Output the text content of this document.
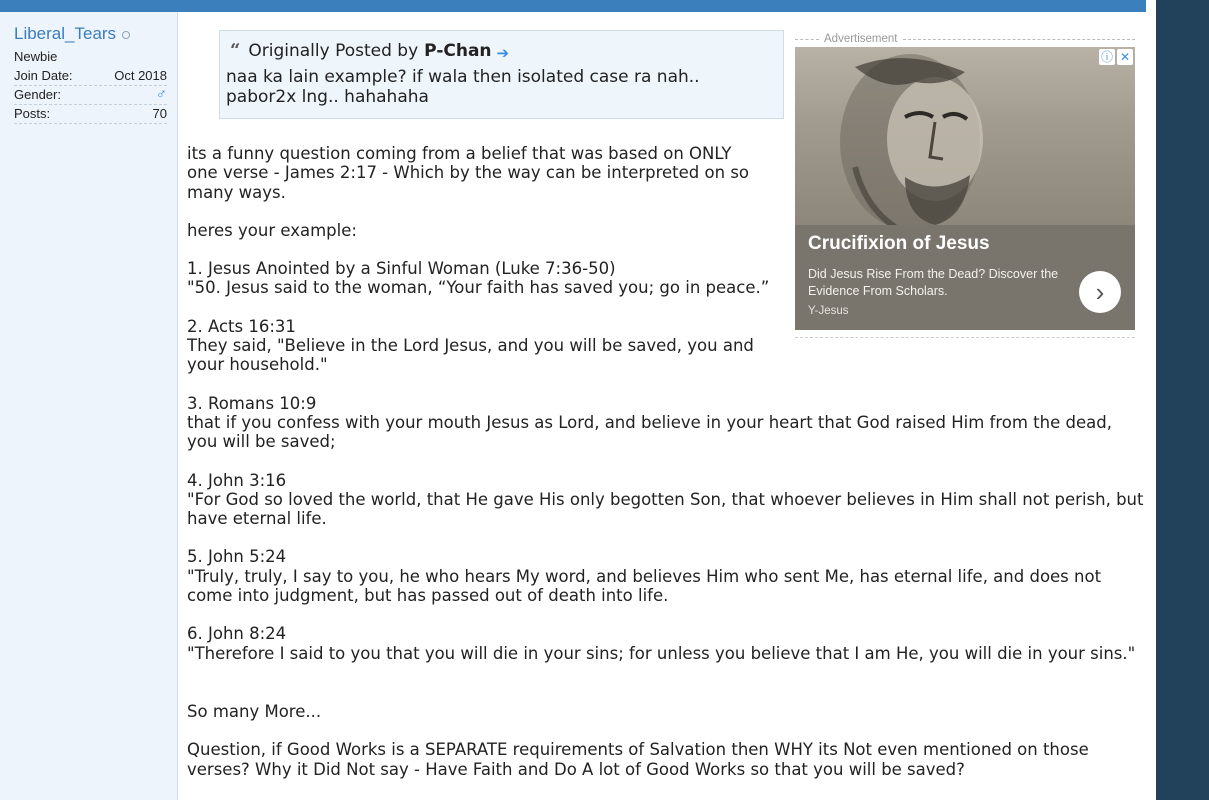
Liberal_Tears
Newbie
Join Date:	Oct 2018
Gender:	♂
Posts:	70
“ Originally Posted by P-Chan ➔
naa ka lain example? if wala then isolated case ra nah.. pabor2x lng.. hahahaha
Advertisement
ⓘ ✕
Crucifixion of Jesus
Did Jesus Rise From the Dead? Discover the Evidence From Scholars.
Y-Jesus
›

its a funny question coming from a belief that was based on ONLY one verse - James 2:17 - Which by the way can be interpreted on so many ways.

heres your example:

1. Jesus Anointed by a Sinful Woman (Luke 7:36-50)

"50. Jesus said to the woman, “Your faith has saved you; go in peace.”

2. Acts 16:31

They said, "Believe in the Lord Jesus, and you will be saved, you and your household."

3. Romans 10:9

that if you confess with your mouth Jesus as Lord, and believe in your heart that God raised Him from the dead, you will be saved;

4. John 3:16

"For God so loved the world, that He gave His only begotten Son, that whoever believes in Him shall not perish, but have eternal life.

5. John 5:24

"Truly, truly, I say to you, he who hears My word, and believes Him who sent Me, has eternal life, and does not come into judgment, but has passed out of death into life.

6. John 8:24

"Therefore I said to you that you will die in your sins; for unless you believe that I am He, you will die in your sins."

So many More...

Question, if Good Works is a SEPARATE requirements of Salvation then WHY its Not even mentioned on those verses? Why it Did Not say - Have Faith and Do A lot of Good Works so that you will be saved?
